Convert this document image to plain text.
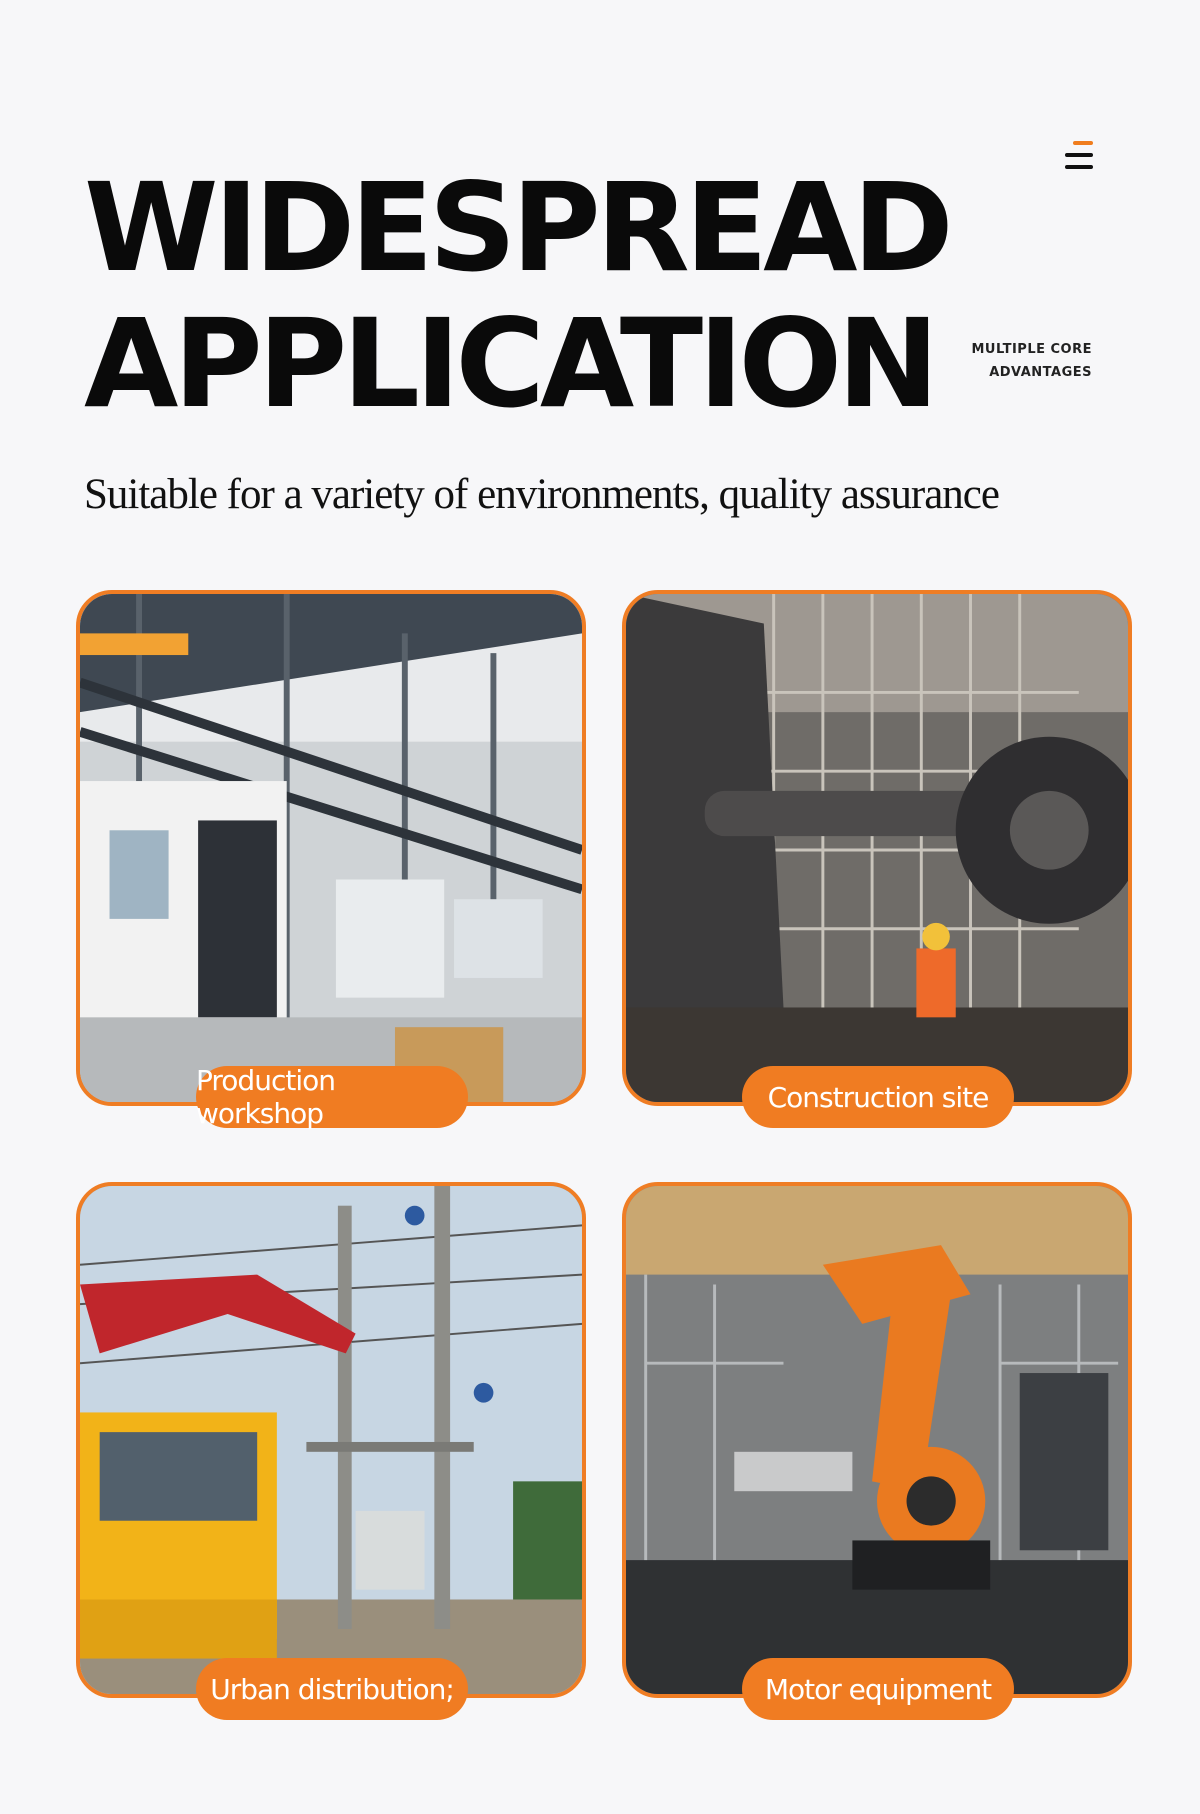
WIDESPREAD
APPLICATION	MULTIPLE CORE
ADVANTAGES

Suitable for a variety of environments, quality assurance

Production workshop	Construction site
Urban distribution;	Motor equipment
